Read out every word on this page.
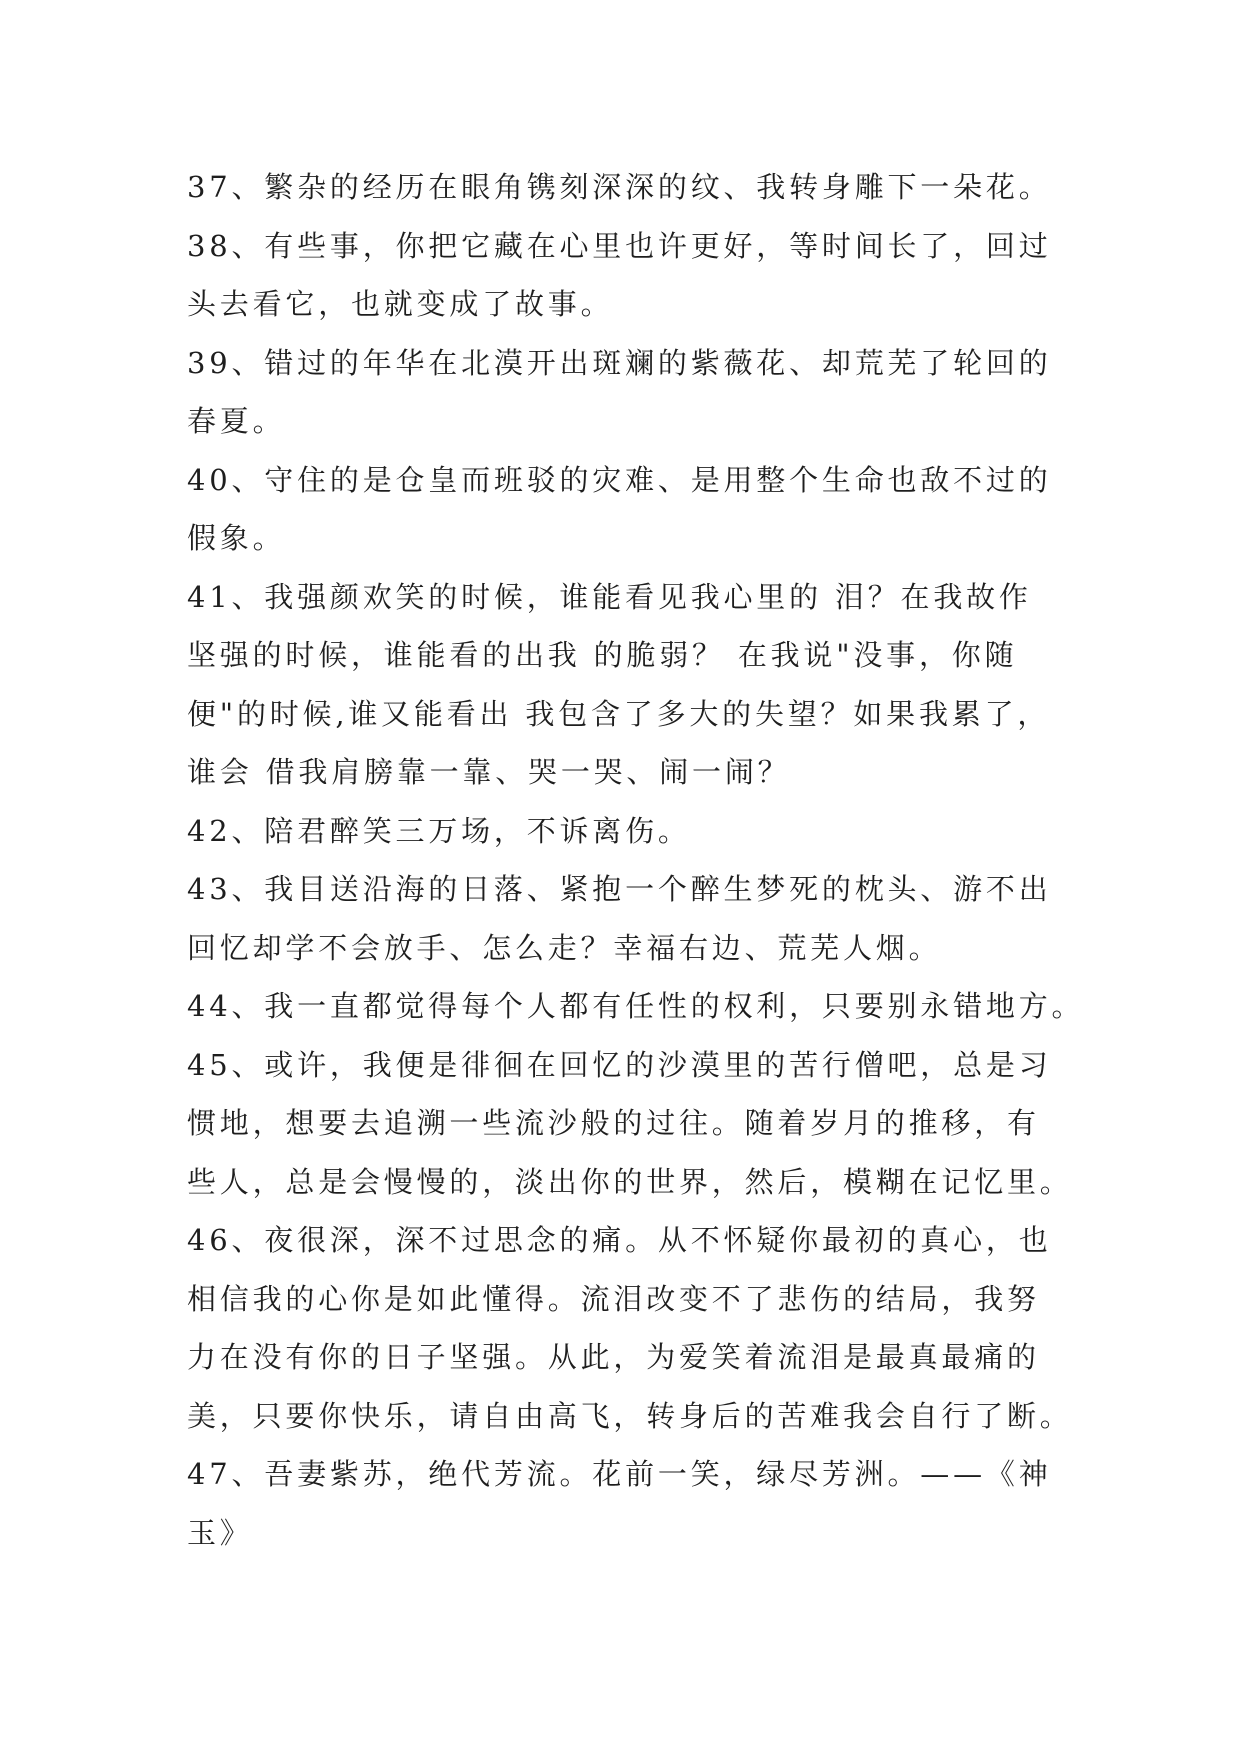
37、繁杂的经历在眼角镌刻深深的纹、我转身雕下一朵花。
38、有些事，你把它藏在心里也许更好，等时间长了，回过
头去看它，也就变成了故事。
39、错过的年华在北漠开出斑斓的紫薇花、却荒芜了轮回的
春夏。
40、守住的是仓皇而班驳的灾难、是用整个生命也敌不过的
假象。
41、我强颜欢笑的时候，谁能看见我心里的 泪？在我故作
坚强的时候，谁能看的出我 的脆弱？ 在我说"没事，你随
便"的时候,谁又能看出 我包含了多大的失望？如果我累了，
谁会 借我肩膀靠一靠、哭一哭、闹一闹？
42、陪君醉笑三万场，不诉离伤。
43、我目送沿海的日落、紧抱一个醉生梦死的枕头、游不出
回忆却学不会放手、怎么走？幸福右边、荒芜人烟。
44、我一直都觉得每个人都有任性的权利，只要别永错地方。
45、或许，我便是徘徊在回忆的沙漠里的苦行僧吧，总是习
惯地，想要去追溯一些流沙般的过往。随着岁月的推移，有
些人，总是会慢慢的，淡出你的世界，然后，模糊在记忆里。
46、夜很深，深不过思念的痛。从不怀疑你最初的真心，也
相信我的心你是如此懂得。流泪改变不了悲伤的结局，我努
力在没有你的日子坚强。从此，为爱笑着流泪是最真最痛的
美，只要你快乐，请自由高飞，转身后的苦难我会自行了断。
47、吾妻紫苏，绝代芳流。花前一笑，绿尽芳洲。——《神
玉》
